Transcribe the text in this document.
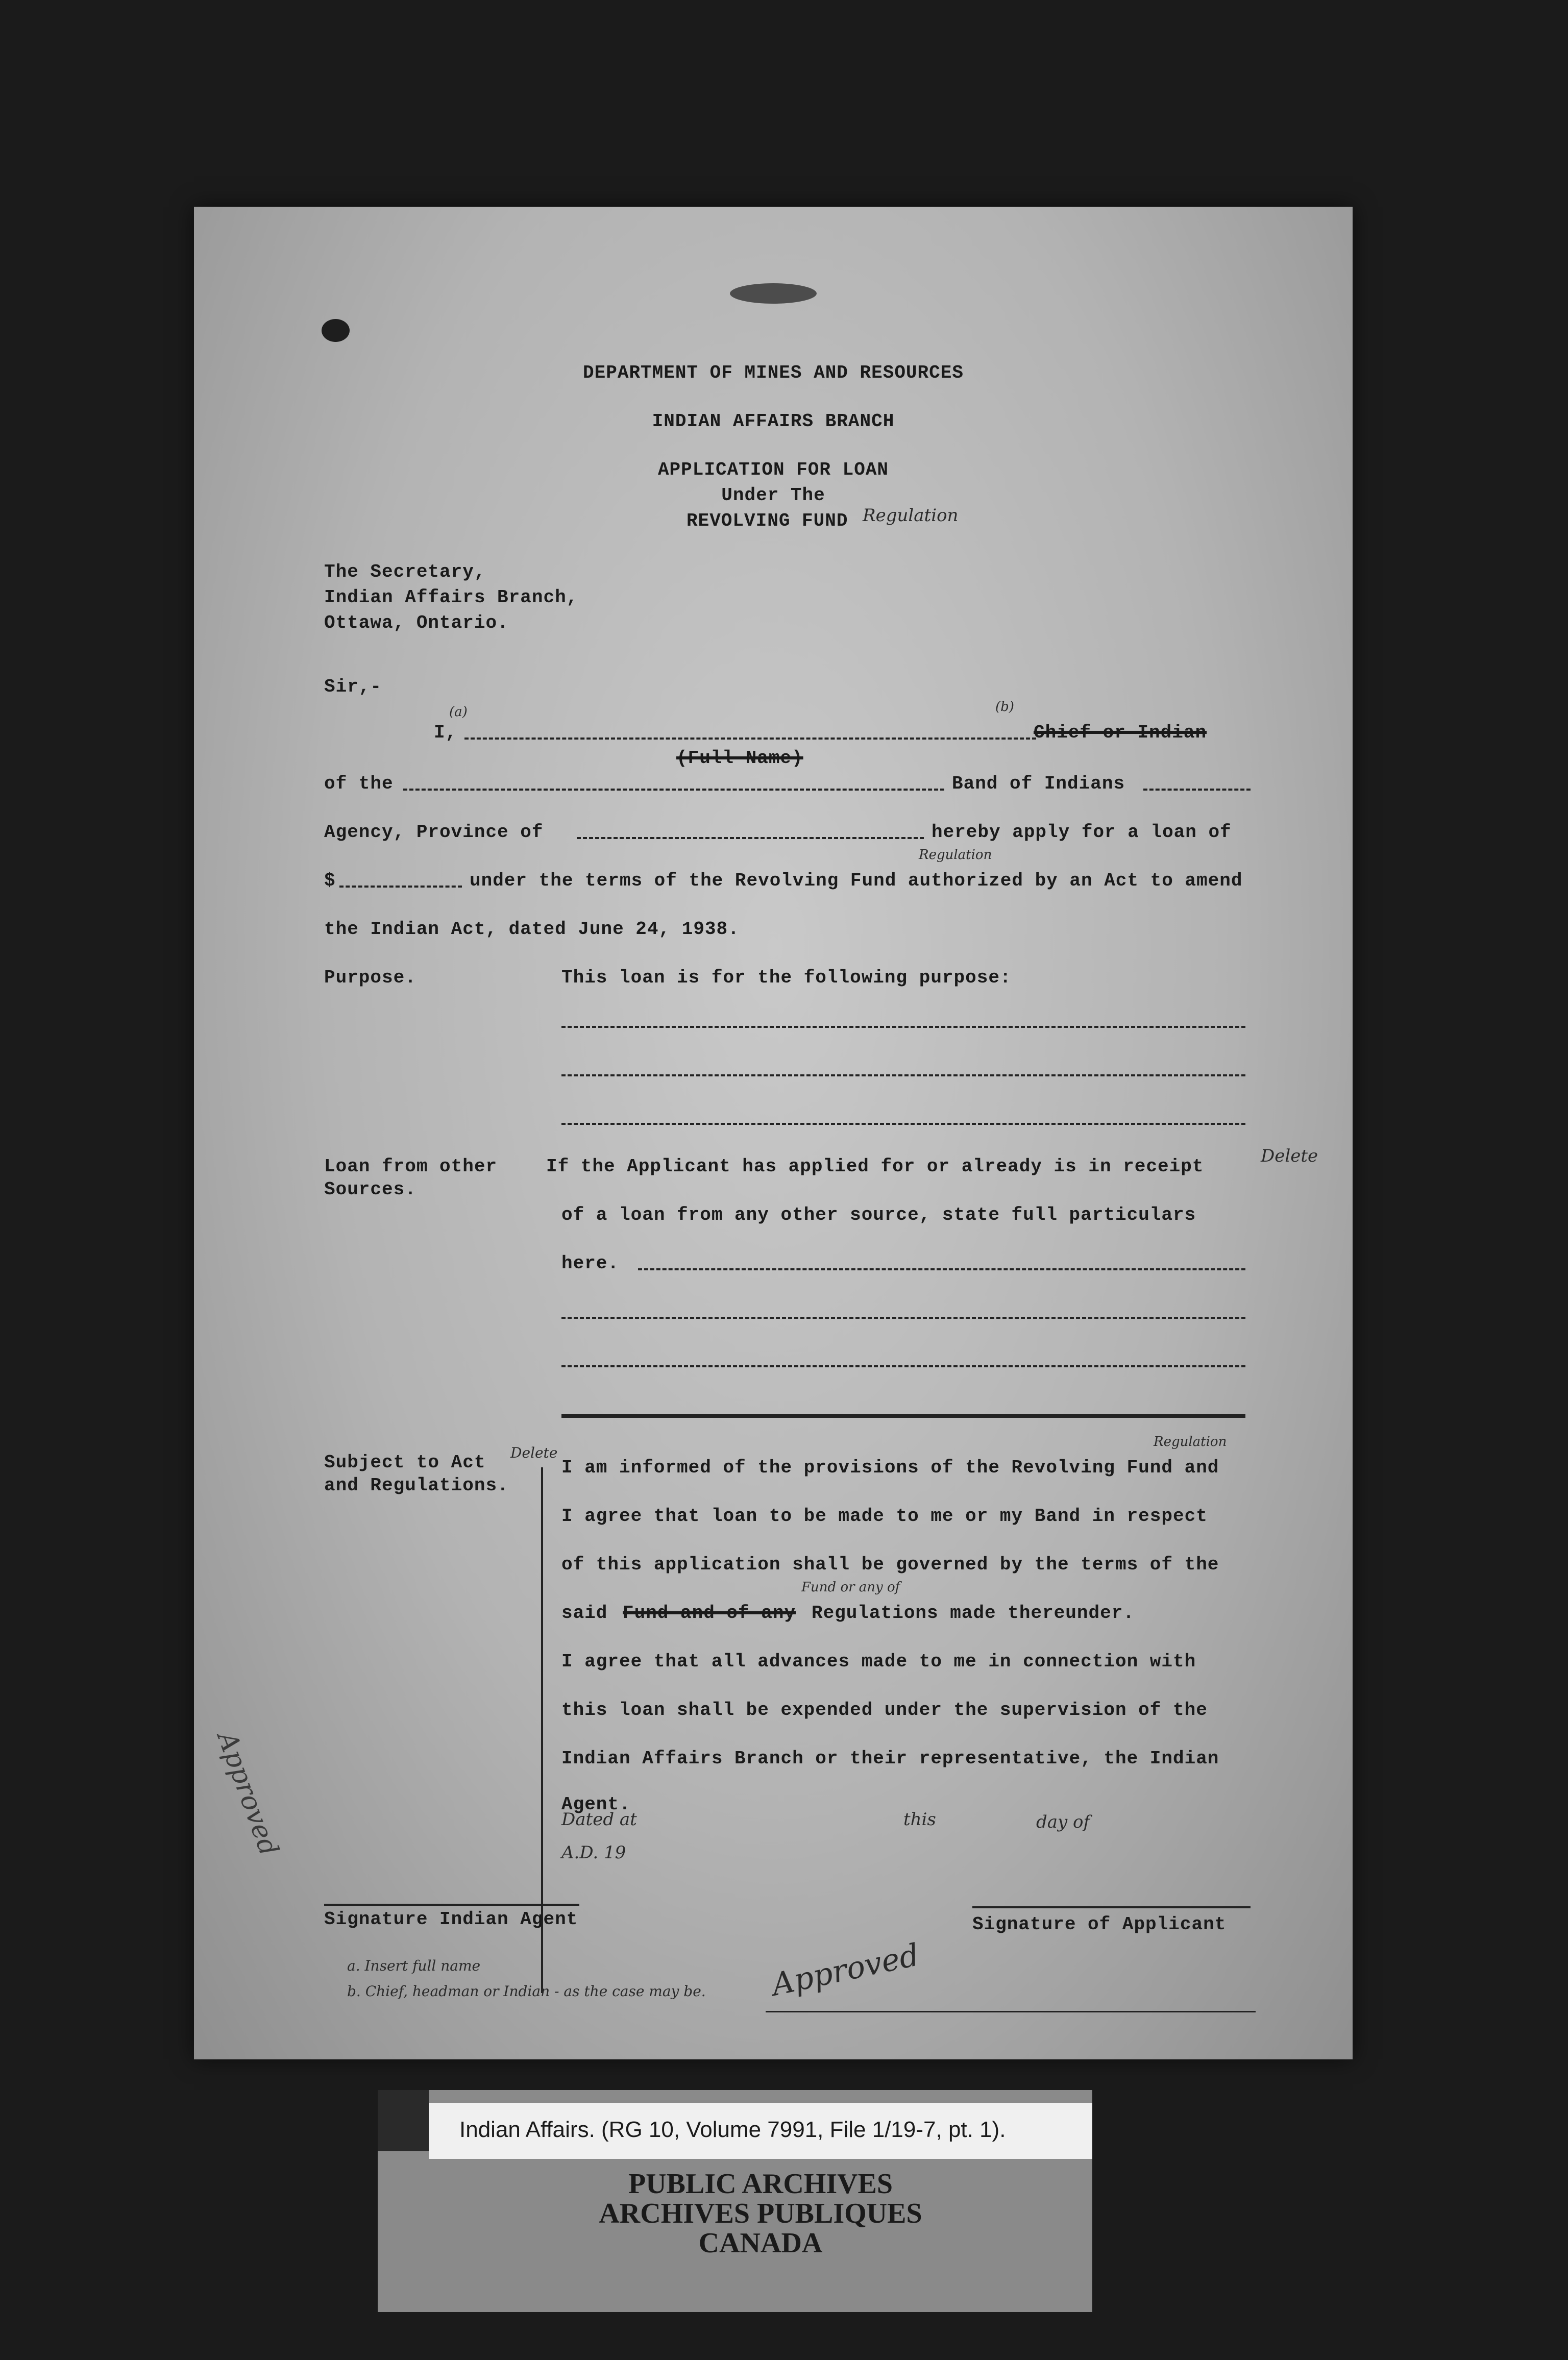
DEPARTMENT OF MINES AND RESOURCES
INDIAN AFFAIRS BRANCH
APPLICATION FOR LOAN
Under The
REVOLVING FUND Regulation
The Secretary,
Indian Affairs Branch,
Ottawa, Ontario.
Sir,-
I,
(a)	(b)
Chief or Indian
(Full Name)
of the	Band of Indians
Agency, Province of	hereby apply for a loan of
$	under the terms of the Revolving Fund authorized by an Act to amend
Regulation
the Indian Act, dated June 24, 1938.
Purpose.	This loan is for the following purpose:
Loan from other
Sources.
If the Applicant has applied for or already is in receipt	Delete
of a loan from any other source, state full particulars
here.
Subject to Act
and Regulations.
Delete
I am informed of the provisions of the Revolving Fund and
Regulation
I agree that loan to be made to me or my Band in respect
of this application shall be governed by the terms of the
said Fund and of any
Fund or any of
Regulations made thereunder.
I agree that all advances made to me in connection with
this loan shall be expended under the supervision of the
Indian Affairs Branch or their representative, the Indian
Agent.
Dated at	this	day of
A.D. 19
Approved
Signature Indian Agent	Signature of Applicant
Approved
a. Insert full name
b. Chief, headman or Indian - as the case may be.
Indian Affairs. (RG 10, Volume 7991, File 1/19-7, pt. 1).
PUBLIC ARCHIVES
ARCHIVES PUBLIQUES
CANADA
